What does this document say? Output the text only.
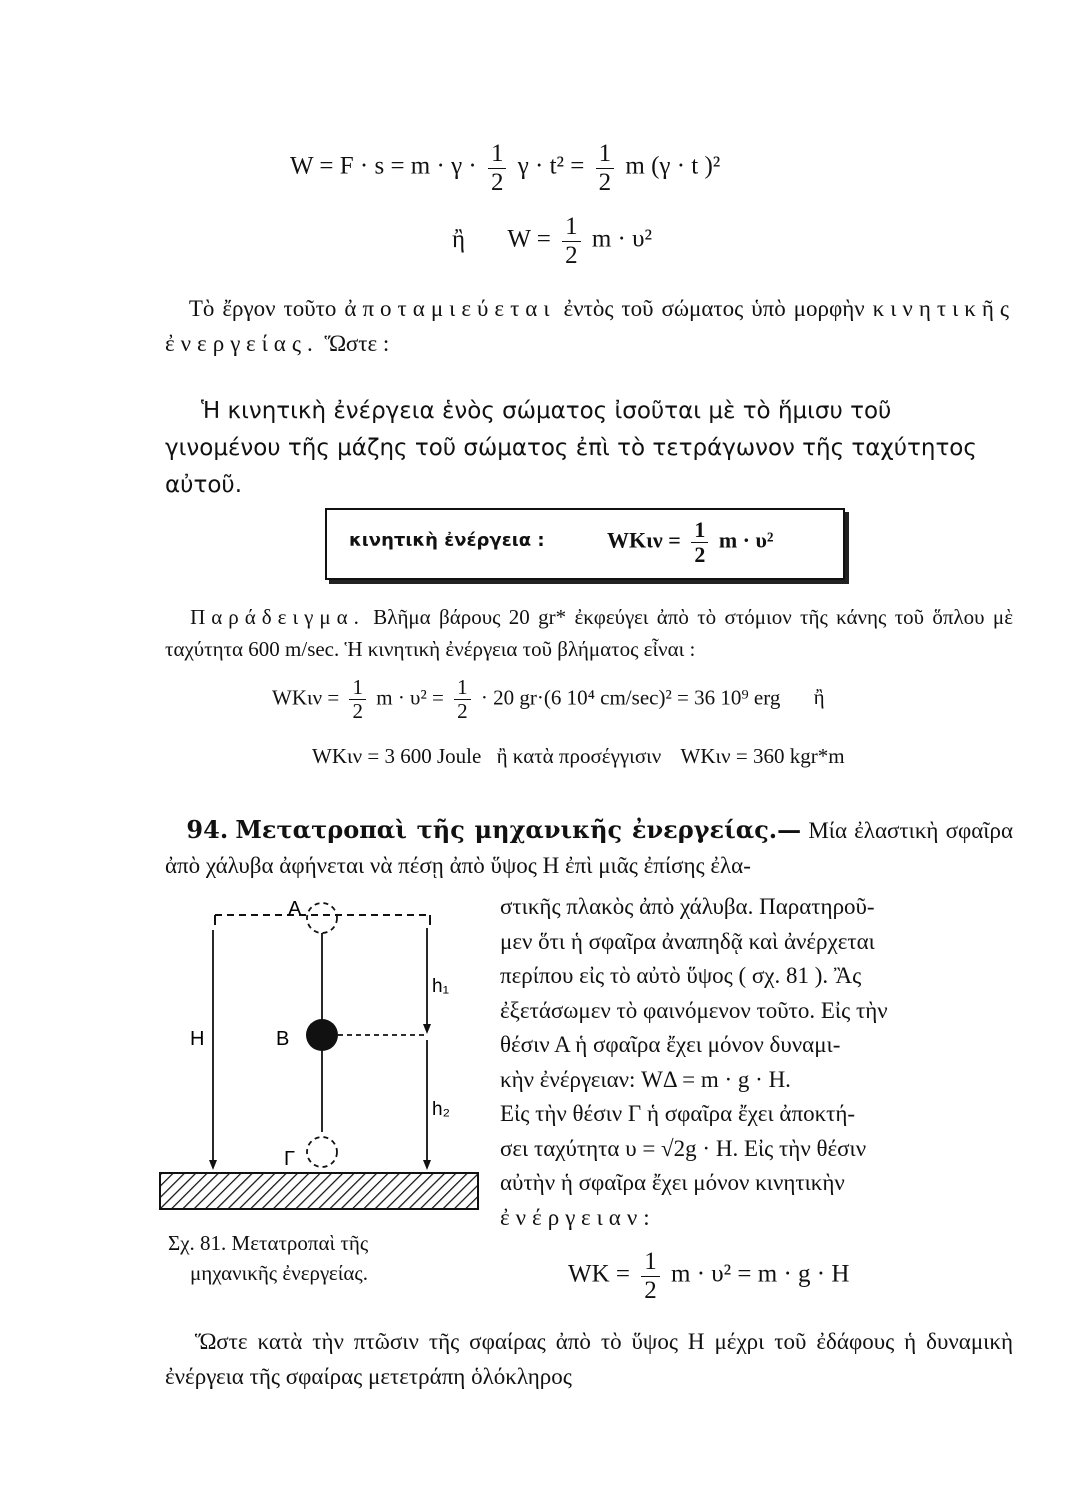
$W = F \cdot s = m \cdot \gamma \cdot \frac{1}{2}$ $\gamma \cdot t^2 = \frac{1}{2}$ m (γ · t )²
ἢ $W = \frac{1}{2}$ m · υ²
Τὸ ἔργον τοῦτο ἀποταμιεύεται ἐντὸς τοῦ σώματος ὑπὸ μορφὴν κινητικῆς ἐνεργείας. Ὥστε :
Ἡ κινητικὴ ἐνέργεια ἑνὸς σώματος ἰσοῦται μὲ τὸ ἥμισυ τοῦ γινομένου τῆς μάζης τοῦ σώματος ἐπὶ τὸ τετράγωνον τῆς ταχύτητος αὐτοῦ.
κινητικὴ ἐνέργεια :	$WK\iota\nu = \frac{1}{2}$ m · υ²
Παράδειγμα. Βλῆμα βάρους 20 gr* ἐκφεύγει ἀπὸ τὸ στόμιον τῆς κάνης τοῦ ὅπλου μὲ ταχύτητα 600 m/sec. Ἡ κινητικὴ ἐνέργεια τοῦ βλήματος εἶναι :
$WK\iota\nu = \frac{1}{2}$ $m \cdot \upsilon^2 = \frac{1}{2} \cdot 20$ gr·(6 10⁴ cm/sec)² = 36 10⁹ erg ἢ
WKιν = 3 600 Joule ἢ κατὰ προσέγγισιν WKιν = 360 kgr*m
94. Μετατροπαὶ τῆς μηχανικῆς ἐνεργείας.— Μία ἐλαστικὴ σφαῖρα ἀπὸ χάλυβα ἀφήνεται νὰ πέσῃ ἀπὸ ὕψος Η ἐπὶ μιᾶς ἐπίσης ἐλα-
A
B
Γ
H
h₁
h₂
Σχ. 81. Μετατροπαὶ τῆς
μηχανικῆς ἐνεργείας.
στικῆς πλακὸς ἀπὸ χάλυβα. Παρατηροῦ-
μεν ὅτι ἡ σφαῖρα ἀναπηδᾷ καὶ ἀνέρχεται
περίπου εἰς τὸ αὐτὸ ὕψος ( σχ. 81 ). Ἂς
ἐξετάσωμεν τὸ φαινόμενον τοῦτο. Εἰς τὴν
θέσιν Α ἡ σφαῖρα ἔχει μόνον δυναμι-
κὴν ἐνέργειαν: WΔ = m · g · H.
Εἰς τὴν θέσιν Γ ἡ σφαῖρα ἔχει ἀποκτή-
σει ταχύτητα υ = √2g · H. Εἰς τὴν θέσιν
αὐτὴν ἡ σφαῖρα ἔχει μόνον κινητικὴν
ἐνέργειαν:
WK = $\frac{1}{2}$ m · υ² = m · g · H
Ὥστε κατὰ τὴν πτῶσιν τῆς σφαίρας ἀπὸ τὸ ὕψος Η μέχρι τοῦ ἐδάφους ἡ δυναμικὴ ἐνέργεια τῆς σφαίρας μετετράπη ὁλόκληρος
